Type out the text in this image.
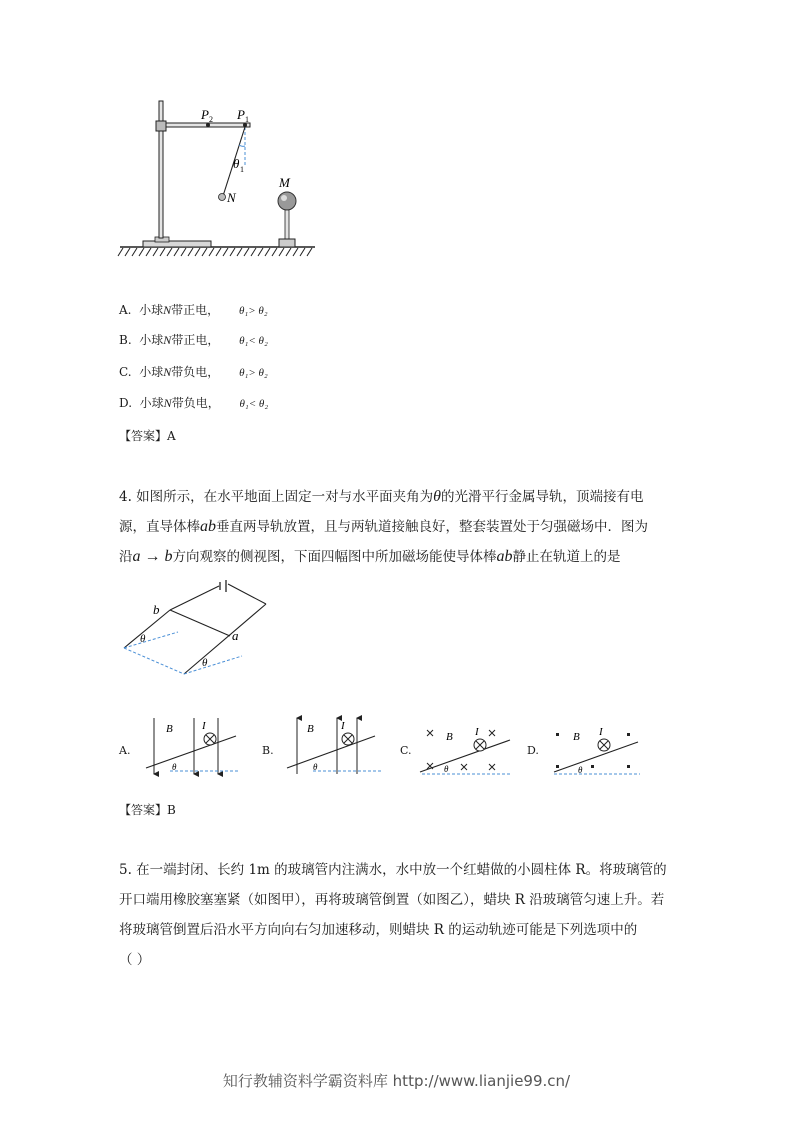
P 2 P 1
θ 1
N
M
A. 小球N带正电， θ₁> θ₂
B. 小球N带正电， θ₁< θ₂
C. 小球N带负电， θ₁> θ₂
D. 小球N带负电， θ₁< θ₂
【答案】A
4. 如图所示，在水平地面上固定一对与水平面夹角为θ的光滑平行金属导轨，顶端接有电
源，直导体棒ab垂直两导轨放置，且与两轨道接触良好，整套装置处于匀强磁场中．图为
沿a → b方向观察的侧视图，下面四幅图中所加磁场能使导体棒ab静止在轨道上的是
b
a
θ
θ
A.
B	I
θ
B.
B I
θ
C.
B I
θ
D.
B I
θ
【答案】B
5. 在一端封闭、长约 1m 的玻璃管内注满水，水中放一个红蜡做的小圆柱体 R。将玻璃管的
开口端用橡胶塞塞紧（如图甲），再将玻璃管倒置（如图乙），蜡块 R 沿玻璃管匀速上升。若
将玻璃管倒置后沿水平方向向右匀加速移动，则蜡块 R 的运动轨迹可能是下列选项中的
（ ）
知行教辅资料学霸资料库 http://www.lianjie99.cn/
